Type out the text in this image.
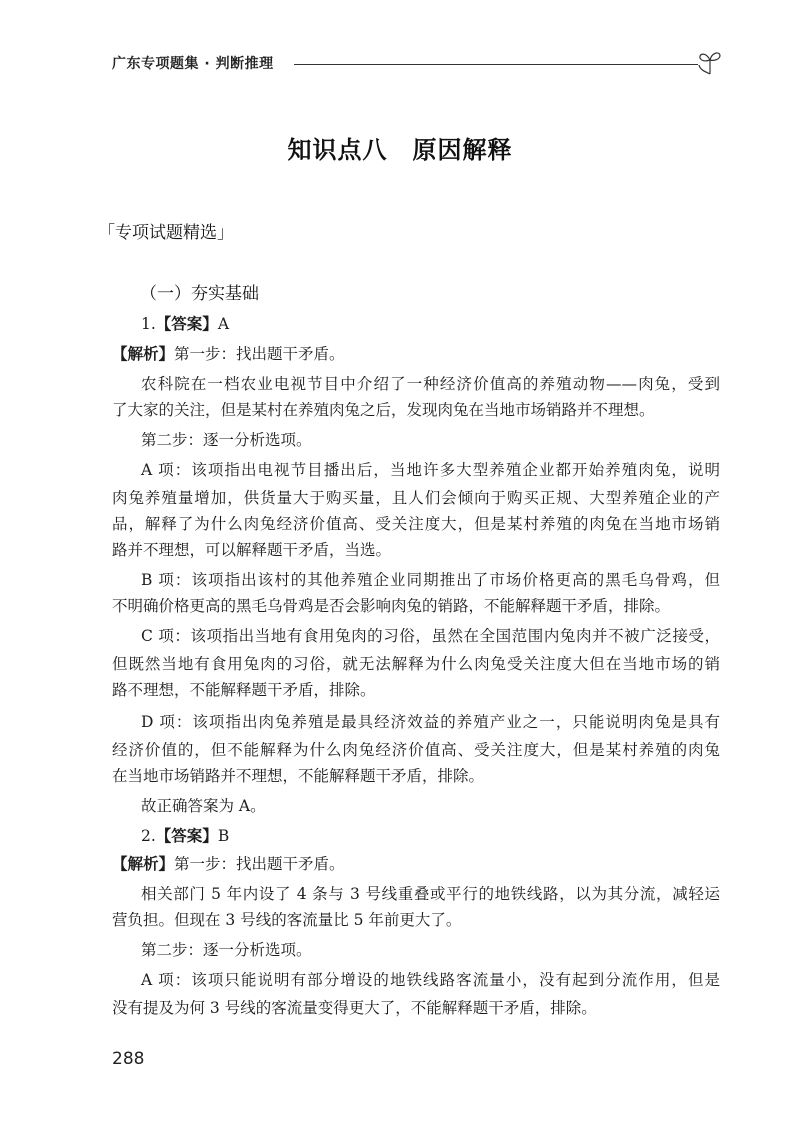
广东专项题集 · 判断推理
知识点八　原因解释
「专项试题精选」
（一）夯实基础
1.【答案】A
【解析】第一步：找出题干矛盾。
农科院在一档农业电视节目中介绍了一种经济价值高的养殖动物——肉兔，受到
了大家的关注，但是某村在养殖肉兔之后，发现肉兔在当地市场销路并不理想。
第二步：逐一分析选项。
A 项：该项指出电视节目播出后，当地许多大型养殖企业都开始养殖肉兔，说明
肉兔养殖量增加，供货量大于购买量，且人们会倾向于购买正规、大型养殖企业的产
品，解释了为什么肉兔经济价值高、受关注度大，但是某村养殖的肉兔在当地市场销
路并不理想，可以解释题干矛盾，当选。
B 项：该项指出该村的其他养殖企业同期推出了市场价格更高的黑毛乌骨鸡，但
不明确价格更高的黑毛乌骨鸡是否会影响肉兔的销路，不能解释题干矛盾，排除。
C 项：该项指出当地有食用兔肉的习俗，虽然在全国范围内兔肉并不被广泛接受，
但既然当地有食用兔肉的习俗，就无法解释为什么肉兔受关注度大但在当地市场的销
路不理想，不能解释题干矛盾，排除。
D 项：该项指出肉兔养殖是最具经济效益的养殖产业之一，只能说明肉兔是具有
经济价值的，但不能解释为什么肉兔经济价值高、受关注度大，但是某村养殖的肉兔
在当地市场销路并不理想，不能解释题干矛盾，排除。
故正确答案为 A。
2.【答案】B
【解析】第一步：找出题干矛盾。
相关部门 5 年内设了 4 条与 3 号线重叠或平行的地铁线路，以为其分流，减轻运
营负担。但现在 3 号线的客流量比 5 年前更大了。
第二步：逐一分析选项。
A 项：该项只能说明有部分增设的地铁线路客流量小，没有起到分流作用，但是
没有提及为何 3 号线的客流量变得更大了，不能解释题干矛盾，排除。
288
